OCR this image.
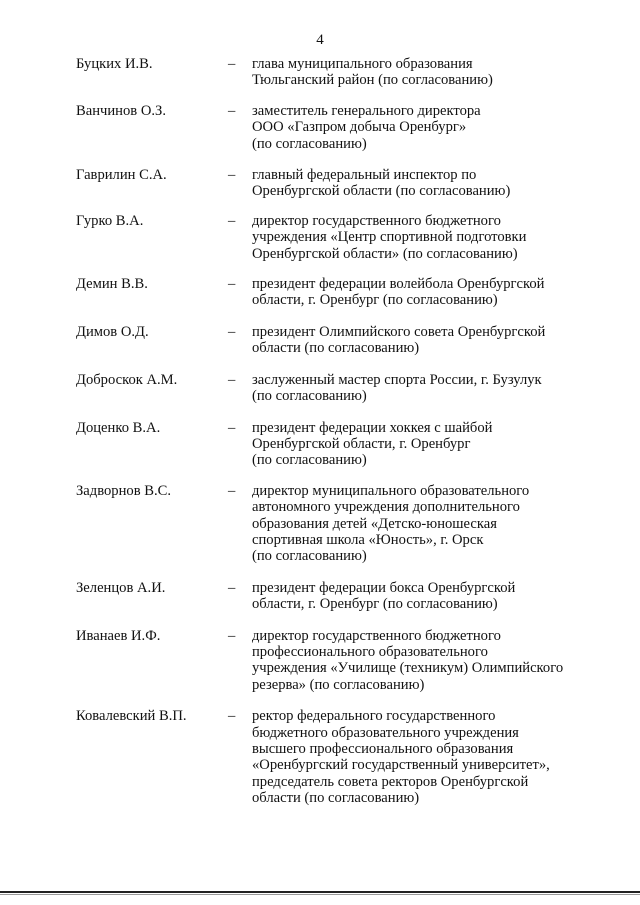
4
Буцких И.В.	–	глава муниципального образования
Тюльганский район (по согласованию)
Ванчинов О.З.	–	заместитель генерального директора
ООО «Газпром добыча Оренбург»
(по согласованию)
Гаврилин С.А.	–	главный федеральный инспектор по
Оренбургской области (по согласованию)
Гурко В.А.	–	директор государственного бюджетного
учреждения «Центр спортивной подготовки
Оренбургской области» (по согласованию)
Демин В.В.	–	президент федерации волейбола Оренбургской
области, г. Оренбург (по согласованию)
Димов О.Д.	–	президент Олимпийского совета Оренбургской
области (по согласованию)
Доброскок А.М.	–	заслуженный мастер спорта России, г. Бузулук
(по согласованию)
Доценко В.А.	–	президент федерации хоккея с шайбой
Оренбургской области, г. Оренбург
(по согласованию)
Задворнов В.С.	–	директор муниципального образовательного
автономного учреждения дополнительного
образования детей «Детско-юношеская
спортивная школа «Юность», г. Орск
(по согласованию)
Зеленцов А.И.	–	президент федерации бокса Оренбургской
области, г. Оренбург (по согласованию)
Иванаев И.Ф.	–	директор государственного бюджетного
профессионального образовательного
учреждения «Училище (техникум) Олимпийского
резерва» (по согласованию)
Ковалевский В.П.	–	ректор федерального государственного
бюджетного образовательного учреждения
высшего профессионального образования
«Оренбургский государственный университет»,
председатель совета ректоров Оренбургской
области (по согласованию)
